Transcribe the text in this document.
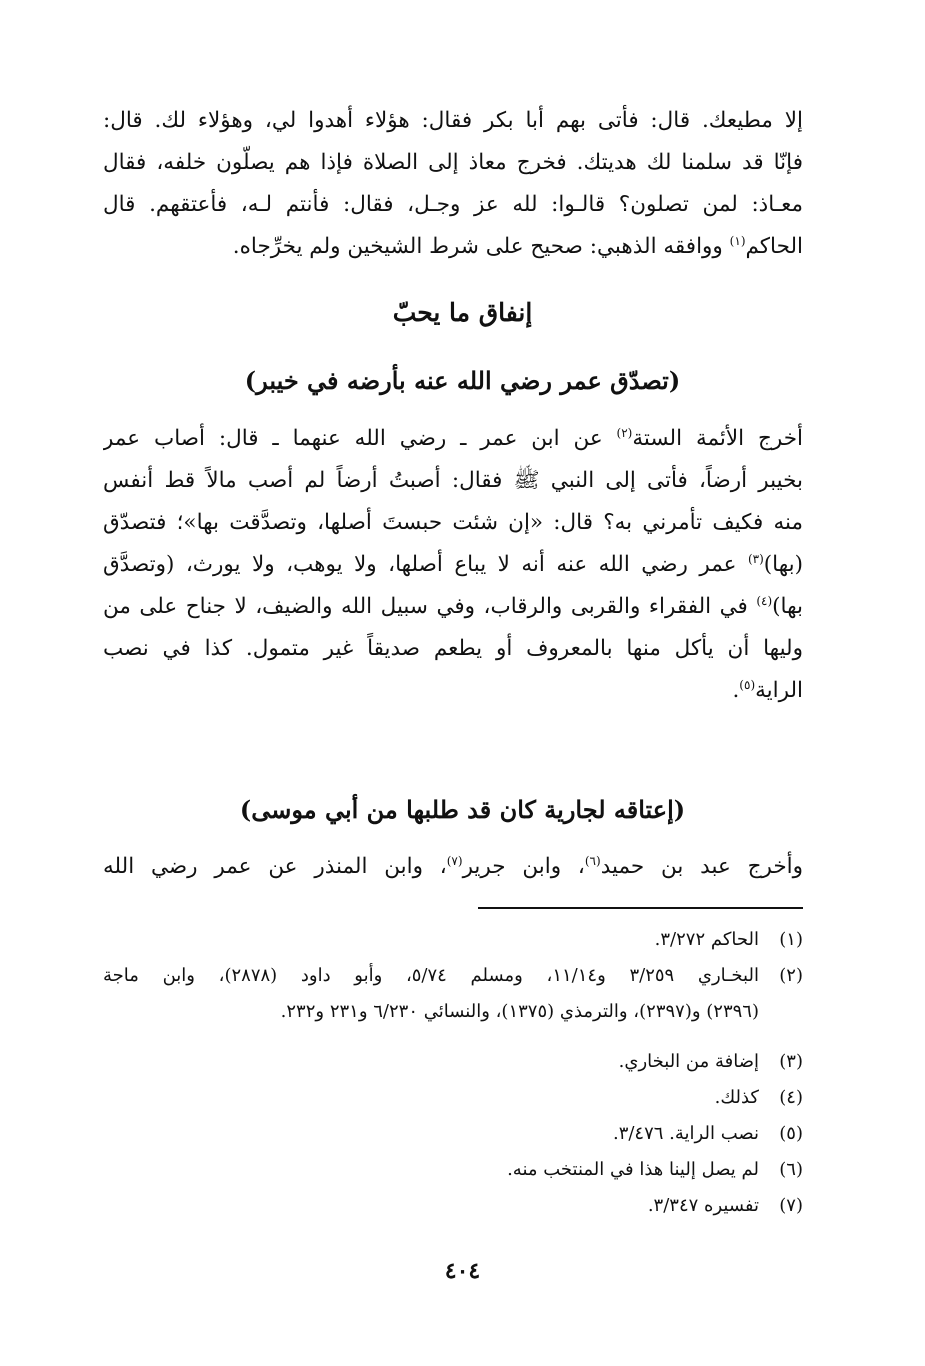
إلا مطيعك. قال: فأتى بهم أبا بكر فقال: هؤلاء أهدوا لي، وهؤلاء لك. قال:
فإنّا قد سلمنا لك هديتك. فخرج معاذ إلى الصلاة فإذا هم يصلّون خلفه، فقال
معـاذ: لمن تصلون؟ قالـوا: لله عز وجـل، فقال: فأنتم لـه، فأعتقهم. قال
الحاكم$^{(١)}$ ووافقه الذهبي: صحيح على شرط الشيخين ولم يخرِّجاه.
إنفاق ما يحبّ
(تصدّق عمر رضي الله عنه بأرضه في خيبر)
أخرج الأئمة الستة$^{(٢)}$ عن ابن عمر ـ رضي الله عنهما ـ قال: أصاب عمر
بخيبر أرضاً، فأتى إلى النبي ﷺ فقال: أصبتُ أرضاً لم أصب مالاً قط أنفس
منه فكيف تأمرني به؟ قال: «إن شئت حبستَ أصلها، وتصدَّقت بها»؛ فتصدّق
(بها)$^{(٣)}$ عمر رضي الله عنه أنه لا يباع أصلها، ولا يوهب، ولا يورث، (وتصدَّق
بها)$^{(٤)}$ في الفقراء والقربى والرقاب، وفي سبيل الله والضيف، لا جناح على من
وليها أن يأكل منها بالمعروف أو يطعم صديقاً غير متمول. كذا في نصب
الراية$^{(٥)}$.
(إعتاقه لجارية كان قد طلبها من أبي موسى)
وأخرج عبد بن حميد$^{(٦)}$، وابن جرير$^{(٧)}$، وابن المنذر عن عمر رضي الله
(١)
الحاكم ٣/٢٧٢.
(٢)
البخـاري ٣/٢٥٩ و١١/١٤، ومسلم ٥/٧٤، وأبو داود (٢٨٧٨)، وابن ماجة
(٢٣٩٦) و(٢٣٩٧)، والترمذي (١٣٧٥)، والنسائي ٦/٢٣٠ و٢٣١ و٢٣٢.
(٣)
إضافة من البخاري.
(٤)
كذلك.
(٥)
نصب الراية. ٣/٤٧٦.
(٦)
لم يصل إلينا هذا في المنتخب منه.
(٧)
تفسيره ٣/٣٤٧.
٤٠٤
